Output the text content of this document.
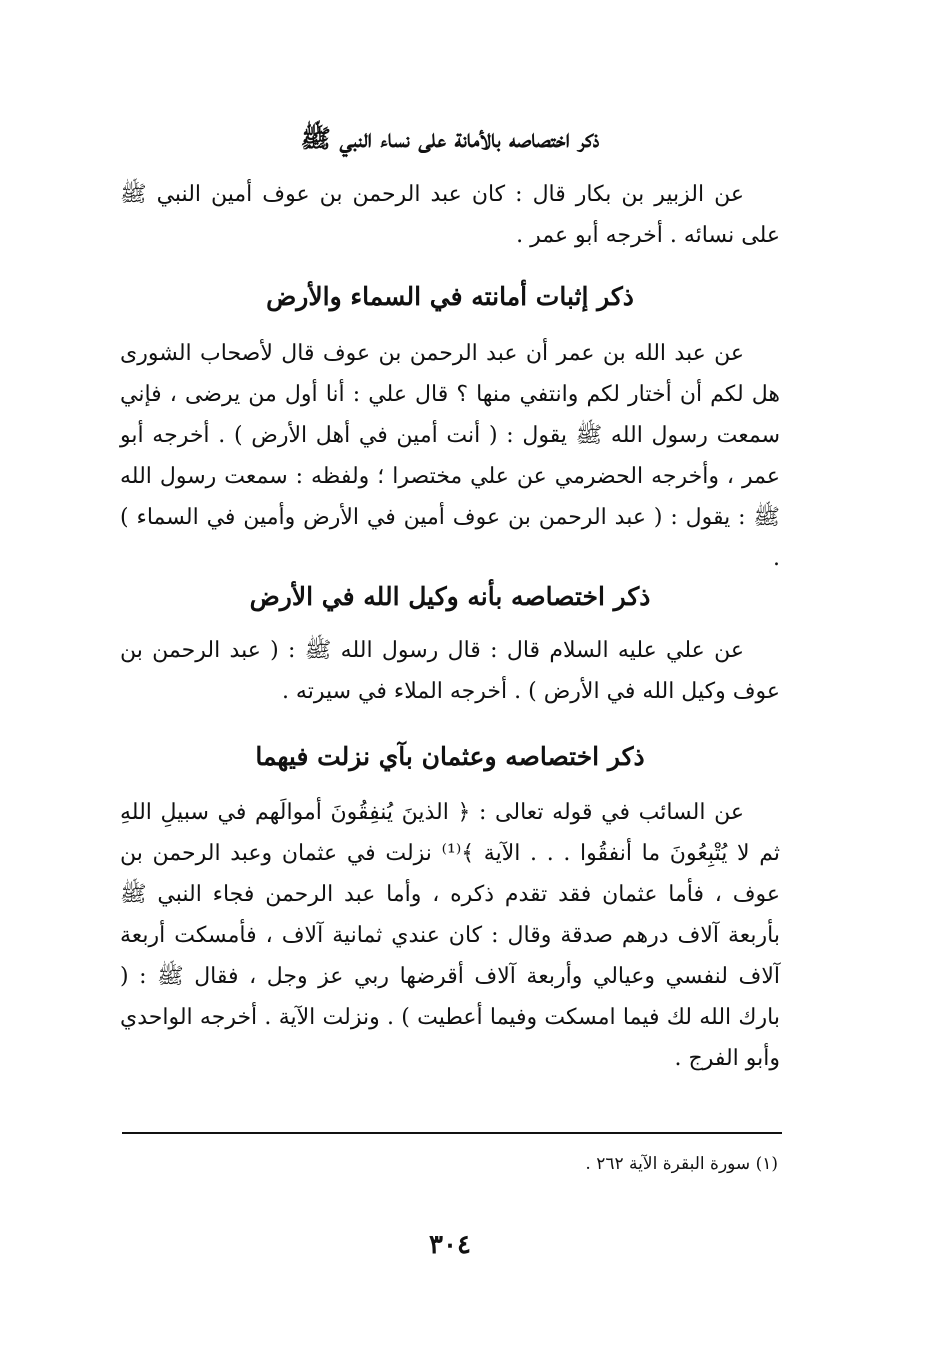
ذكر اختصاصه بالأمانة على نساء النبي ﷺ

عن الزبير بن بكار قال : كان عبد الرحمن بن عوف أمين النبي ﷺ على نسائه . أخرجه أبو عمر .

ذكر إثبات أمانته في السماء والأرض

عن عبد الله بن عمر أن عبد الرحمن بن عوف قال لأصحاب الشورى هل لكم أن أختار لكم وانتفي منها ؟ قال علي : أنا أول من يرضى ، فإني سمعت رسول الله ﷺ يقول : ( أنت أمين في أهل الأرض ) . أخرجه أبو عمر ، وأخرجه الحضرمي عن علي مختصرا ؛ ولفظه : سمعت رسول الله ﷺ : يقول : ( عبد الرحمن بن عوف أمين في الأرض وأمين في السماء ) .

ذكر اختصاصه بأنه وكيل الله في الأرض

عن علي عليه السلام قال : قال رسول الله ﷺ : ( عبد الرحمن بن عوف وكيل الله في الأرض ) . أخرجه الملاء في سيرته .

ذكر اختصاصه وعثمان بآي نزلت فيهما

عن السائب في قوله تعالى : ﴿ الذينَ يُنفِقُونَ أموالَهم في سبيلِ اللهِ ثم لا يُتْبِعُونَ ما أنفقُوا . . . الآية ﴾⁽¹⁾ نزلت في عثمان وعبد الرحمن بن عوف ، فأما عثمان فقد تقدم ذكره ، وأما عبد الرحمن فجاء النبي ﷺ بأربعة آلاف درهم صدقة وقال : كان عندي ثمانية آلاف ، فأمسكت أربعة آلاف لنفسي وعيالي وأربعة آلاف أقرضها ربي عز وجل ، فقال ﷺ : ( بارك الله لك فيما امسكت وفيما أعطيت ) . ونزلت الآية . أخرجه الواحدي وأبو الفرج .

(١) سورة البقرة الآية ٢٦٢ .
٣٠٤
